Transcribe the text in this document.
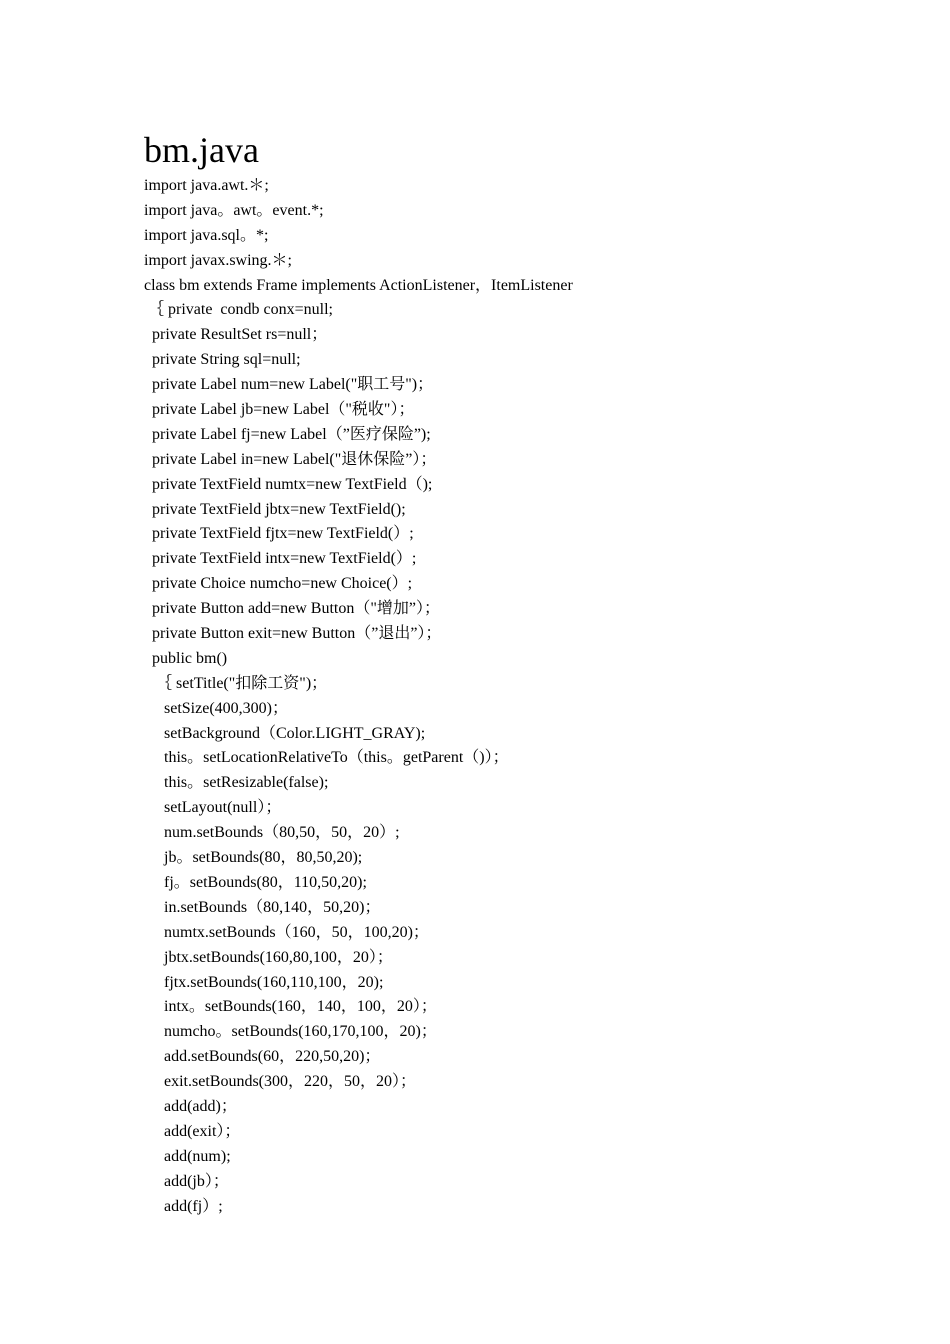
bm.java
import java.awt.＊;
import java。awt。event.*;
import java.sql。*;
import javax.swing.＊;
class bm extends Frame implements ActionListener，ItemListener
｛ private  condb conx=null;
private ResultSet rs=null；
private String sql=null;
private Label num=new Label("职工号")；
private Label jb=new Label（"税收"）；
private Label fj=new Label（”医疗保险”);
private Label in=new Label("退休保险”）；
private TextField numtx=new TextField（);
private TextField jbtx=new TextField();
private TextField fjtx=new TextField(）;
private TextField intx=new TextField(）;
private Choice numcho=new Choice(）;
private Button add=new Button（"增加”）；
private Button exit=new Button（”退出”）；
public bm()
｛ setTitle("扣除工资")；
setSize(400,300)；
setBackground（Color.LIGHT_GRAY);
this。setLocationRelativeTo（this。getParent（)）；
this。setResizable(false);
setLayout(null）；
num.setBounds（80,50，50，20）;
jb。setBounds(80，80,50,20);
fj。setBounds(80，110,50,20);
in.setBounds（80,140，50,20)；
numtx.setBounds（160，50，100,20)；
jbtx.setBounds(160,80,100，20）；
fjtx.setBounds(160,110,100，20);
intx。setBounds(160，140，100，20）；
numcho。setBounds(160,170,100，20)；
add.setBounds(60，220,50,20)；
exit.setBounds(300，220，50，20）；
add(add)；
add(exit）；
add(num);
add(jb）；
add(fj）;
